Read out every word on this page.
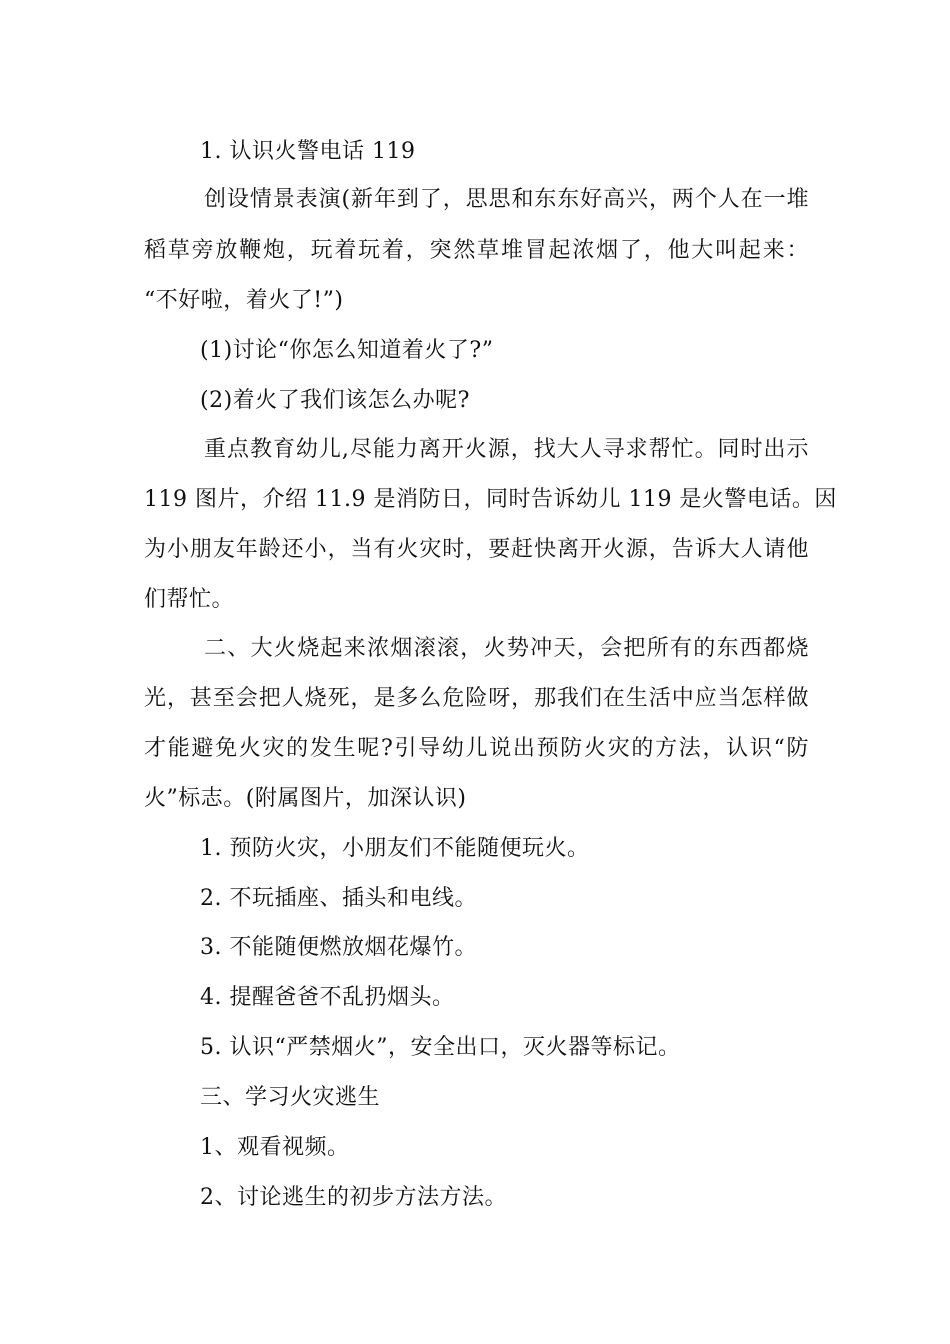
1. 认识火警电话 119
创设情景表演(新年到了，思思和东东好高兴，两个人在一堆
稻草旁放鞭炮，玩着玩着，突然草堆冒起浓烟了，他大叫起来：
“不好啦，着火了!”)
(1)讨论“你怎么知道着火了?”
(2)着火了我们该怎么办呢?
重点教育幼儿,尽能力离开火源，找大人寻求帮忙。同时出示
119 图片，介绍 11.9 是消防日，同时告诉幼儿 119 是火警电话。因
为小朋友年龄还小，当有火灾时，要赶快离开火源，告诉大人请他
们帮忙。
二、大火烧起来浓烟滚滚，火势冲天，会把所有的东西都烧
光，甚至会把人烧死，是多么危险呀，那我们在生活中应当怎样做
才能避免火灾的发生呢?引导幼儿说出预防火灾的方法，认识“防
火”标志。(附属图片，加深认识)
1. 预防火灾，小朋友们不能随便玩火。
2. 不玩插座、插头和电线。
3. 不能随便燃放烟花爆竹。
4. 提醒爸爸不乱扔烟头。
5. 认识“严禁烟火”，安全出口，灭火器等标记。
三、学习火灾逃生
1、观看视频。
2、讨论逃生的初步方法方法。
